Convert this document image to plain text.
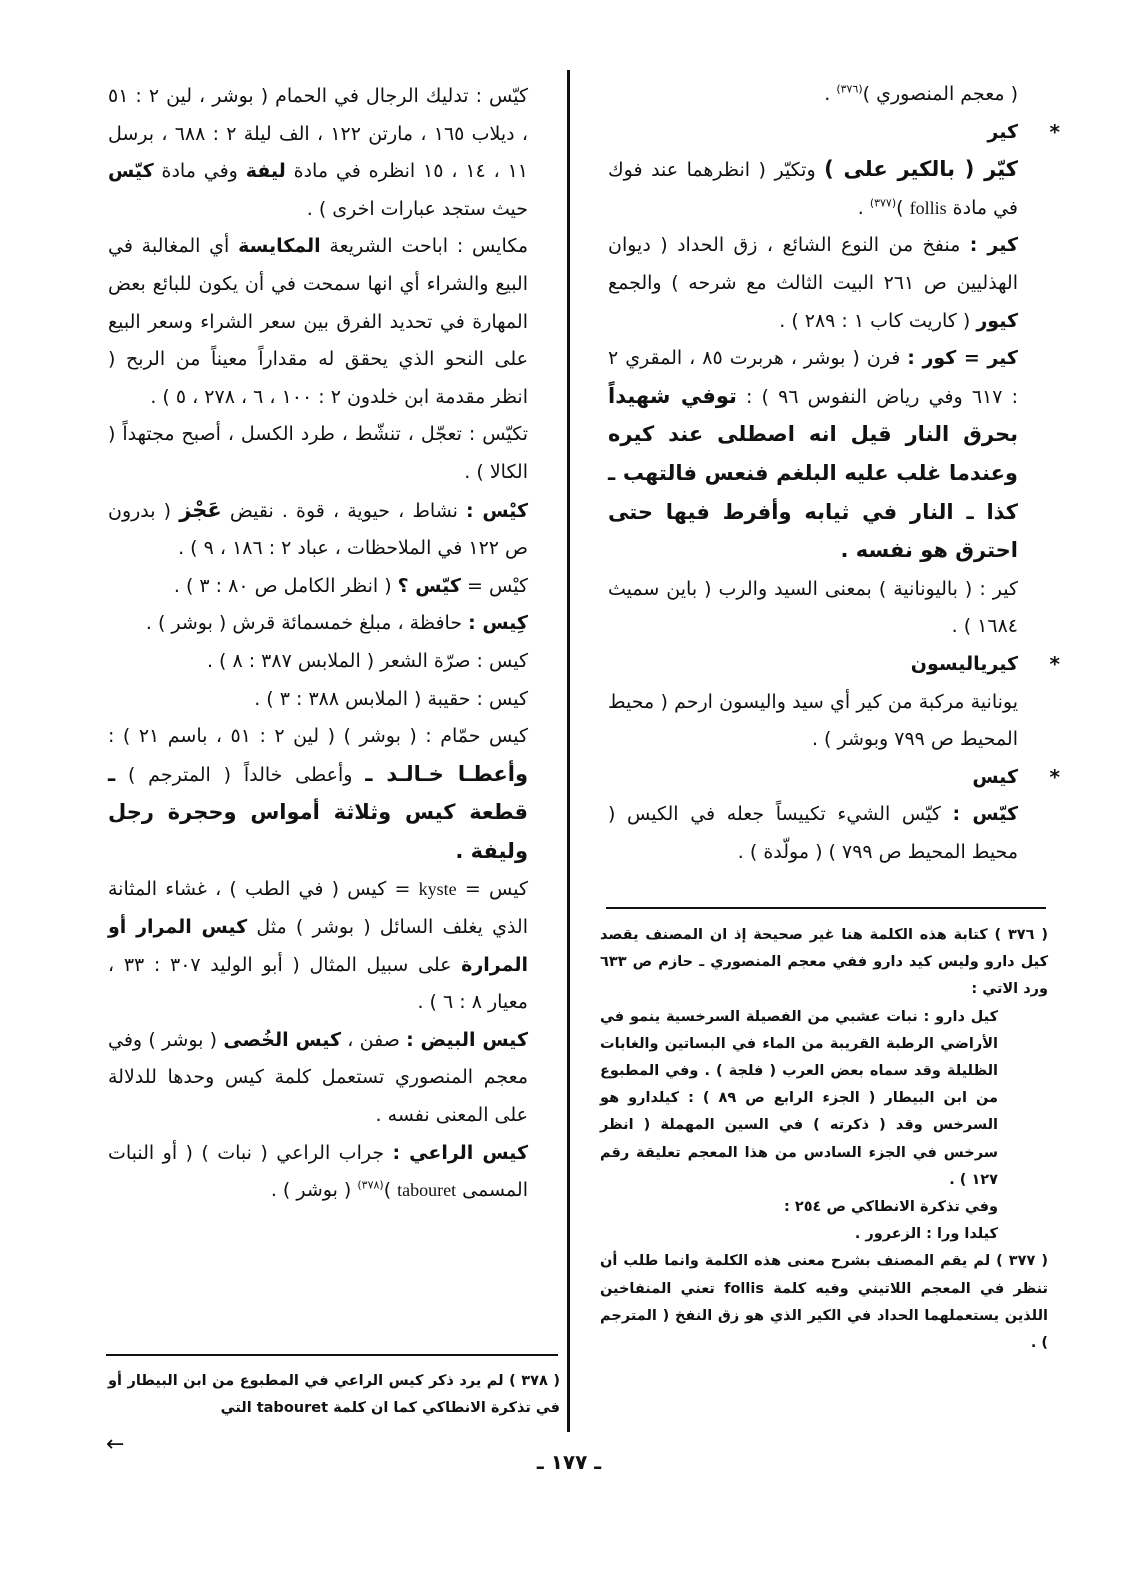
( معجم المنصوري )$^{(٣٧٦)}$ .

*
كير

كيّر ( بالكير على ) وتكيّر ( انظرهما عند فوك في مادة follis )$^{(٣٧٧)}$ .

كير : منفخ من النوع الشائع ، زق الحداد ( ديوان الهذليين ص ٢٦١ البيت الثالث مع شرحه ) والجمع كيور ( كاريت كاب ١ : ٢٨٩ ) .

كير = كور : فرن ( بوشر ، هربرت ٨٥ ، المقري ٢ : ٦١٧ وفي رياض النفوس ٩٦ ) : توفي شهيداً بحرق النار قيل انه اصطلى عند كيره وعندما غلب عليه البلغم فنعس فالتهب ـ كذا ـ النار في ثيابه وأفرط فيها حتى احترق هو نفسه .

كير : ( باليونانية ) بمعنى السيد والرب ( باين سميث ١٦٨٤ ) .

*
كيرياليسون

يونانية مركبة من كير أي سيد واليسون ارحم ( محيط المحيط ص ٧٩٩ وبوشر ) .

*
كيس

كيّس : كيّس الشيء تكييساً جعله في الكيس ( محيط المحيط ص ٧٩٩ ) ( مولّدة ) .

كيّس : تدليك الرجال في الحمام ( بوشر ، لين ٢ : ٥١ ، ديلاب ١٦٥ ، مارتن ١٢٢ ، الف ليلة ٢ : ٦٨٨ ، برسل ١١ ، ١٤ ، ١٥ انظره في مادة ليفة وفي مادة كيّس حيث ستجد عبارات اخرى ) .

مكايس : اباحت الشريعة المكايسة أي المغالبة في البيع والشراء أي انها سمحت في أن يكون للبائع بعض المهارة في تحديد الفرق بين سعر الشراء وسعر البيع على النحو الذي يحقق له مقداراً معيناً من الربح ( انظر مقدمة ابن خلدون ٢ : ١٠٠ ، ٦ ، ٢٧٨ ، ٥ ) .

تكيّس : تعجّل ، تنشّط ، طرد الكسل ، أصبح مجتهداً ( الكالا ) .

كيْس : نشاط ، حيوية ، قوة . نقيض عَجْز ( بدرون ص ١٢٢ في الملاحظات ، عباد ٢ : ١٨٦ ، ٩ ) .

كيْس = كيّس ؟ ( انظر الكامل ص ٨٠ : ٣ ) .

كِيس : حافظة ، مبلغ خمسمائة قرش ( بوشر ) .

كيس : صرّة الشعر ( الملابس ٣٨٧ : ٨ ) .

كيس : حقيبة ( الملابس ٣٨٨ : ٣ ) .

كيس حمّام : ( بوشر ) ( لين ٢ : ٥١ ، باسم ٢١ ) : وأعطـا خـالـد ـ وأعطى خالداً ( المترجم ) ـ قطعة كيس وثلاثة أمواس وحجرة رجل وليفة .

كيس = kyste = كيس ( في الطب ) ، غشاء المثانة الذي يغلف السائل ( بوشر ) مثل كيس المرار أو المرارة على سبيل المثال ( أبو الوليد ٣٠٧ : ٣٣ ، معيار ٨ : ٦ ) .

كيس البيض : صفن ، كيس الخُصى ( بوشر ) وفي معجم المنصوري تستعمل كلمة كيس وحدها للدلالة على المعنى نفسه .

كيس الراعي : جراب الراعي ( نبات ) ( أو النبات المسمى tabouret )$^{(٣٧٨)}$ ( بوشر ) .

( ٣٧٦ ) كتابة هذه الكلمة هنا غير صحيحة إذ ان المصنف يقصد كيل دارو وليس كيد دارو ففي معجم المنصوري ـ حازم ص ٦٣٣ ورد الاتي :

كيل دارو : نبات عشبي من الفصيلة السرخسية ينمو في الأراضي الرطبة القريبة من الماء في البساتين والغابات الظليلة وقد سماه بعض العرب ( فلجة ) . وفي المطبوع من ابن البيطار ( الجزء الرابع ص ٨٩ ) : كيلدارو هو السرخس وقد ( ذكرته ) في السين المهملة ( انظر سرخس في الجزء السادس من هذا المعجم تعليقة رقم ١٢٧ ) .

وفي تذكرة الانطاكي ص ٢٥٤ :

كيلدا ورا : الزعرور .

( ٣٧٧ ) لم يقم المصنف بشرح معنى هذه الكلمة وانما طلب أن تنظر في المعجم اللاتيني وفيه كلمة follis تعني المنفاخين اللذين يستعملهما الحداد في الكير الذي هو زق النفخ ( المترجم ) .

( ٣٧٨ ) لم يرد ذكر كيس الراعي في المطبوع من ابن البيطار أو في تذكرة الانطاكي كما ان كلمة tabouret التي

←
ـ ١٧٧ ـ
